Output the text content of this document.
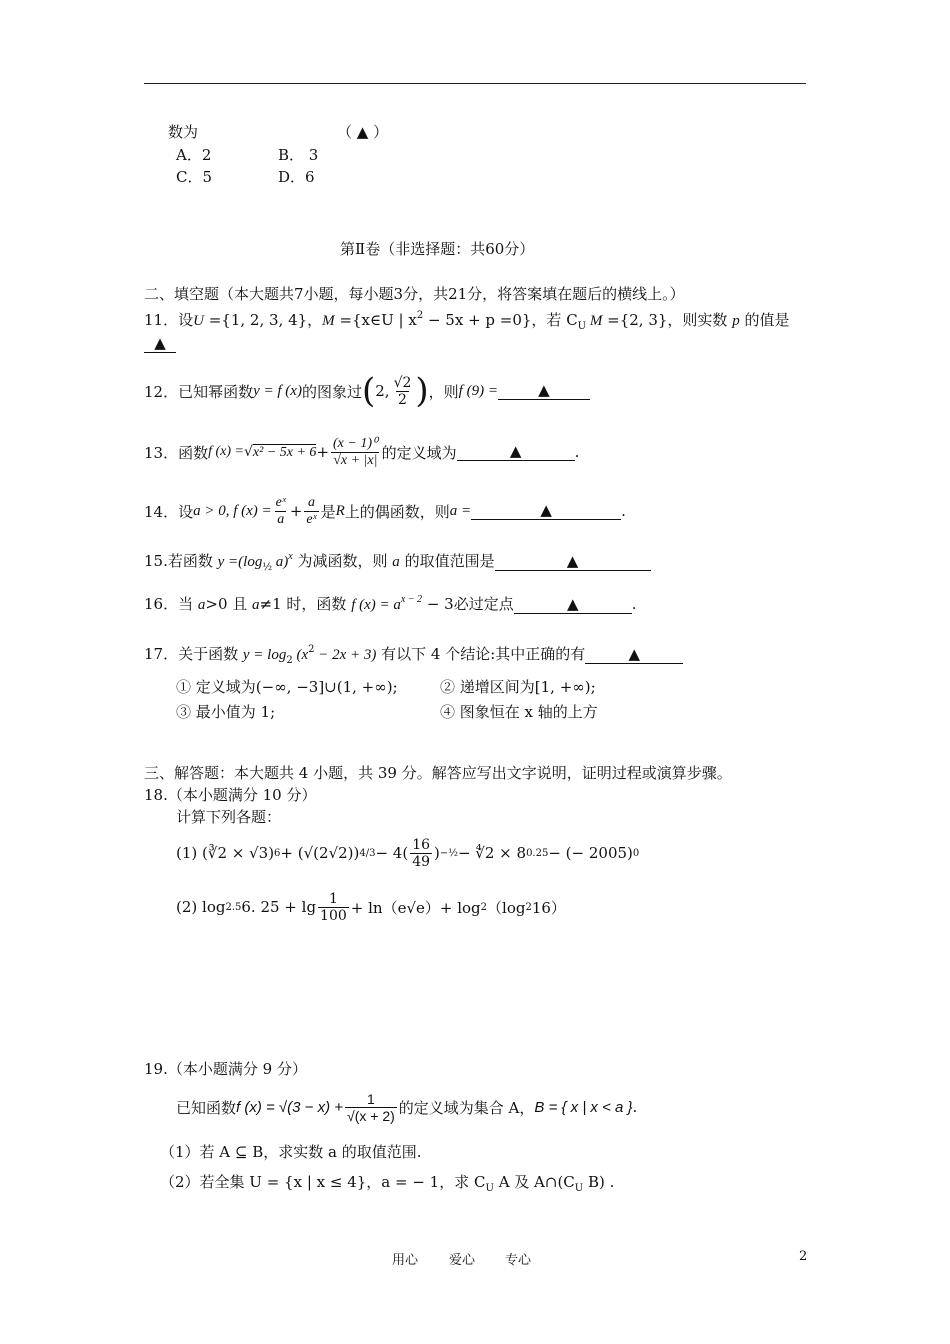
数为	（ ▲ ）
A．2	B． 3
C．5	D．6
第Ⅱ卷（非选择题：共60分）
二、填空题（本大题共7小题，每小题3分，共21分，将答案填在题后的横线上。）
11．设U ={1, 2, 3, 4}，M ={x∈U | $x^2 - 5x + p =0$}，若 $C_U$ M ={2, 3}，则实数 p 的值是
▲
12． 已知幂函数 y = f (x) 的图象过 ( 2, $\frac{√2}{2}$ ) ，则 f (9) =	▲
13． 函数 f $(x) = √x^2 - 5x + 6 + \frac{\text{(x − 1)⁰}}{√x + |x|}$ 的定义域为	▲	.
14． 设 a > 0, f $(x) = \frac{\text{eˣ}}{a} + \frac{a}{\text{eˣ}}$ 是 R 上的偶函数，则 a =	▲	.
15.若函数 $y =(\log_{\frac{1}{2}}$ a)$^x$ 为减函数，则 a 的取值范围是	▲
16．当 a>0 且 a≠1 时，函数 f $(x) = a^{x - 2} - 3$必过定点	▲	.
17．关于函数 $y = \log_2 (x^2 - 2x + 3)$ 有以下 4 个结论:其中正确的有	▲
① 定义域为(−∞, −3]∪(1, +∞);	② 递增区间为[1, +∞);
③ 最小值为 1;	④ 图象恒在 x 轴的上方
三、解答题：本大题共 4 小题，共 39 分。解答应写出文字说明，证明过程或演算步骤。
18.（本小题满分 10 分）
计算下列各题：
(1)
(∛2 × √3) 6 + (√(2√2)) $4/3 - 4( \frac{16}{49}$ ) −½ − ∜2 × 8 0.25 − (− 2005) 0
(2)
log 2.5 6. $25 + \lg \frac{1}{100} + \ln(e√e)+ \log 2$ （log 2 16）
19.（本小题满分 9 分）
已知函数 f $(x) = √(3 - x) + \frac{1}{√(x + 2)}$ 的定义域为集合 A， B = { x | x < a } .
（1）若 A ⊆ B，求实数 a 的取值范围.
（2）若全集 U = {x | x ≤ 4}，a = − 1，求 $C_U$ A 及 $A\cap(C_U$ B) .
用心 爱心 专心	2
